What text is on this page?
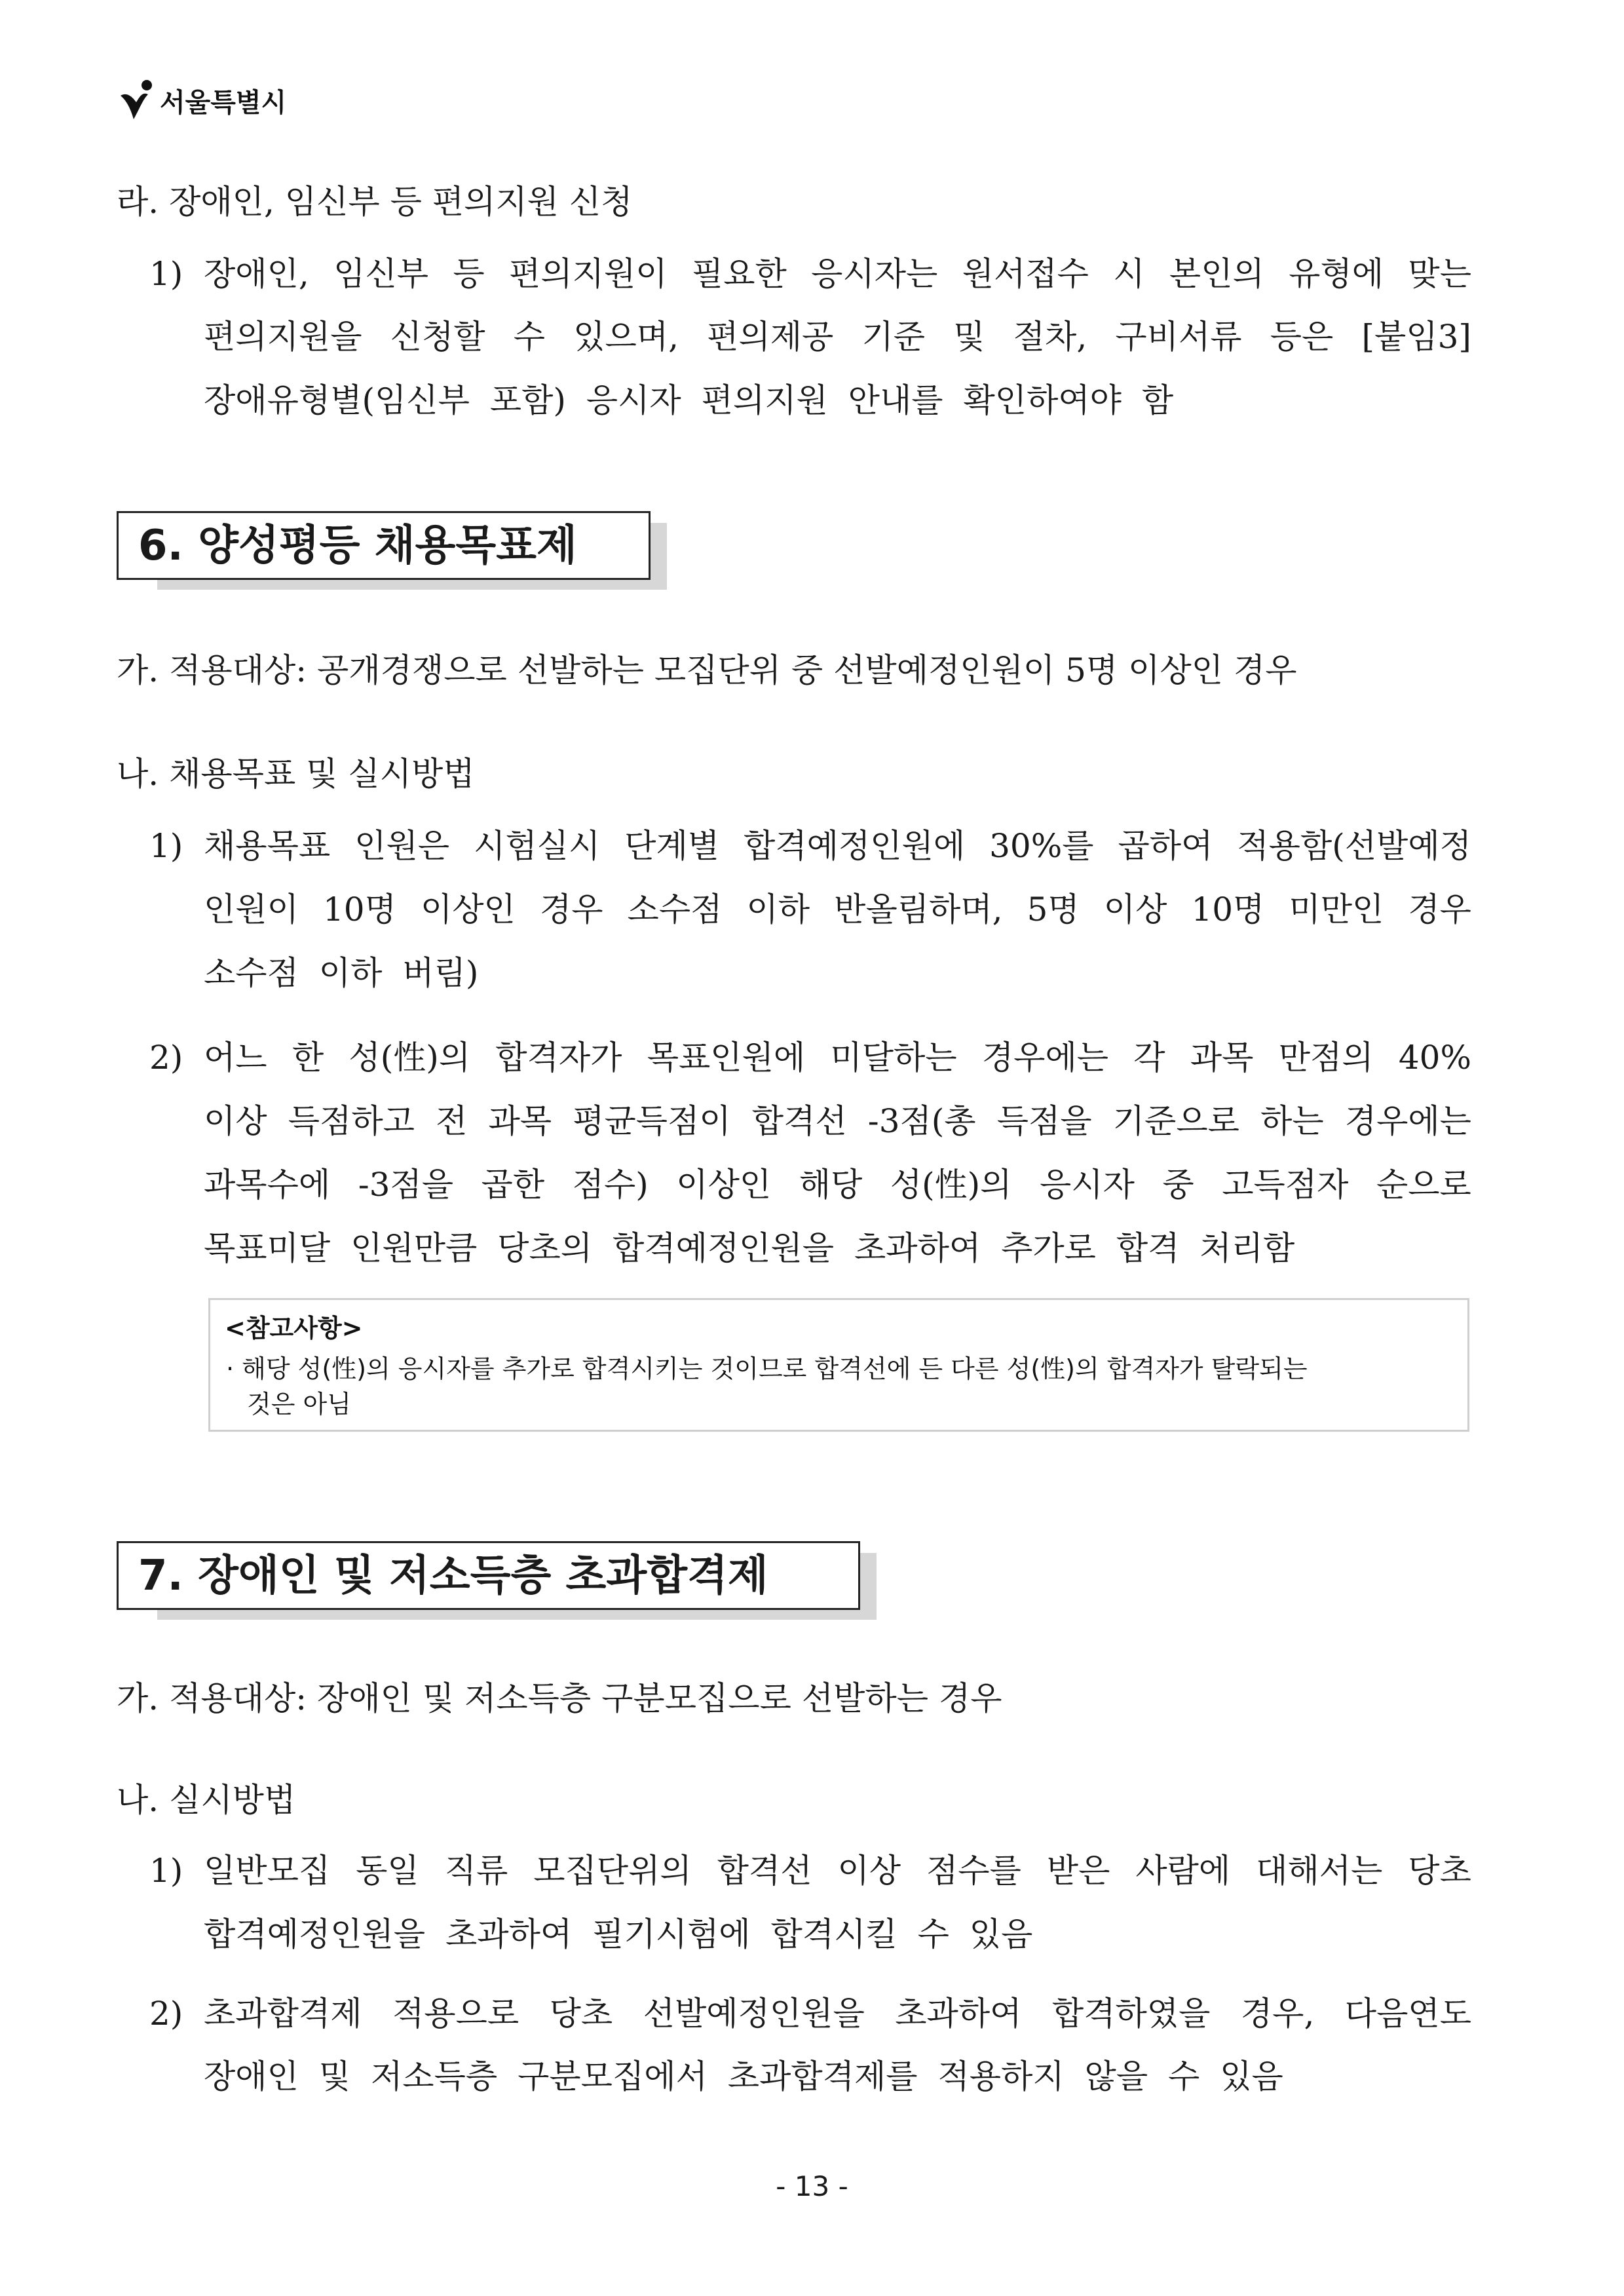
서울특별시
라. 장애인, 임신부 등 편의지원 신청
1) 장애인, 임신부 등 편의지원이 필요한 응시자는 원서접수 시 본인의 유형에 맞는
편의지원을 신청할 수 있으며, 편의제공 기준 및 절차, 구비서류 등은 [붙임3]
장애유형별(임신부 포함) 응시자 편의지원 안내를 확인하여야 함
6. 양성평등 채용목표제
가. 적용대상: 공개경쟁으로 선발하는 모집단위 중 선발예정인원이 5명 이상인 경우
나. 채용목표 및 실시방법
1) 채용목표 인원은 시험실시 단계별 합격예정인원에 30%를 곱하여 적용함(선발예정
인원이 10명 이상인 경우 소수점 이하 반올림하며, 5명 이상 10명 미만인 경우
소수점 이하 버림)
2) 어느 한 성(性)의 합격자가 목표인원에 미달하는 경우에는 각 과목 만점의 40%
이상 득점하고 전 과목 평균득점이 합격선 -3점(총 득점을 기준으로 하는 경우에는
과목수에 -3점을 곱한 점수) 이상인 해당 성(性)의 응시자 중 고득점자 순으로
목표미달 인원만큼 당초의 합격예정인원을 초과하여 추가로 합격 처리함
<참고사항>
· 해당 성(性)의 응시자를 추가로 합격시키는 것이므로 합격선에 든 다른 성(性)의 합격자가 탈락되는
것은 아님
7. 장애인 및 저소득층 초과합격제
가. 적용대상: 장애인 및 저소득층 구분모집으로 선발하는 경우
나. 실시방법
1) 일반모집 동일 직류 모집단위의 합격선 이상 점수를 받은 사람에 대해서는 당초
합격예정인원을 초과하여 필기시험에 합격시킬 수 있음
2) 초과합격제 적용으로 당초 선발예정인원을 초과하여 합격하였을 경우, 다음연도
장애인 및 저소득층 구분모집에서 초과합격제를 적용하지 않을 수 있음
- 13 -
